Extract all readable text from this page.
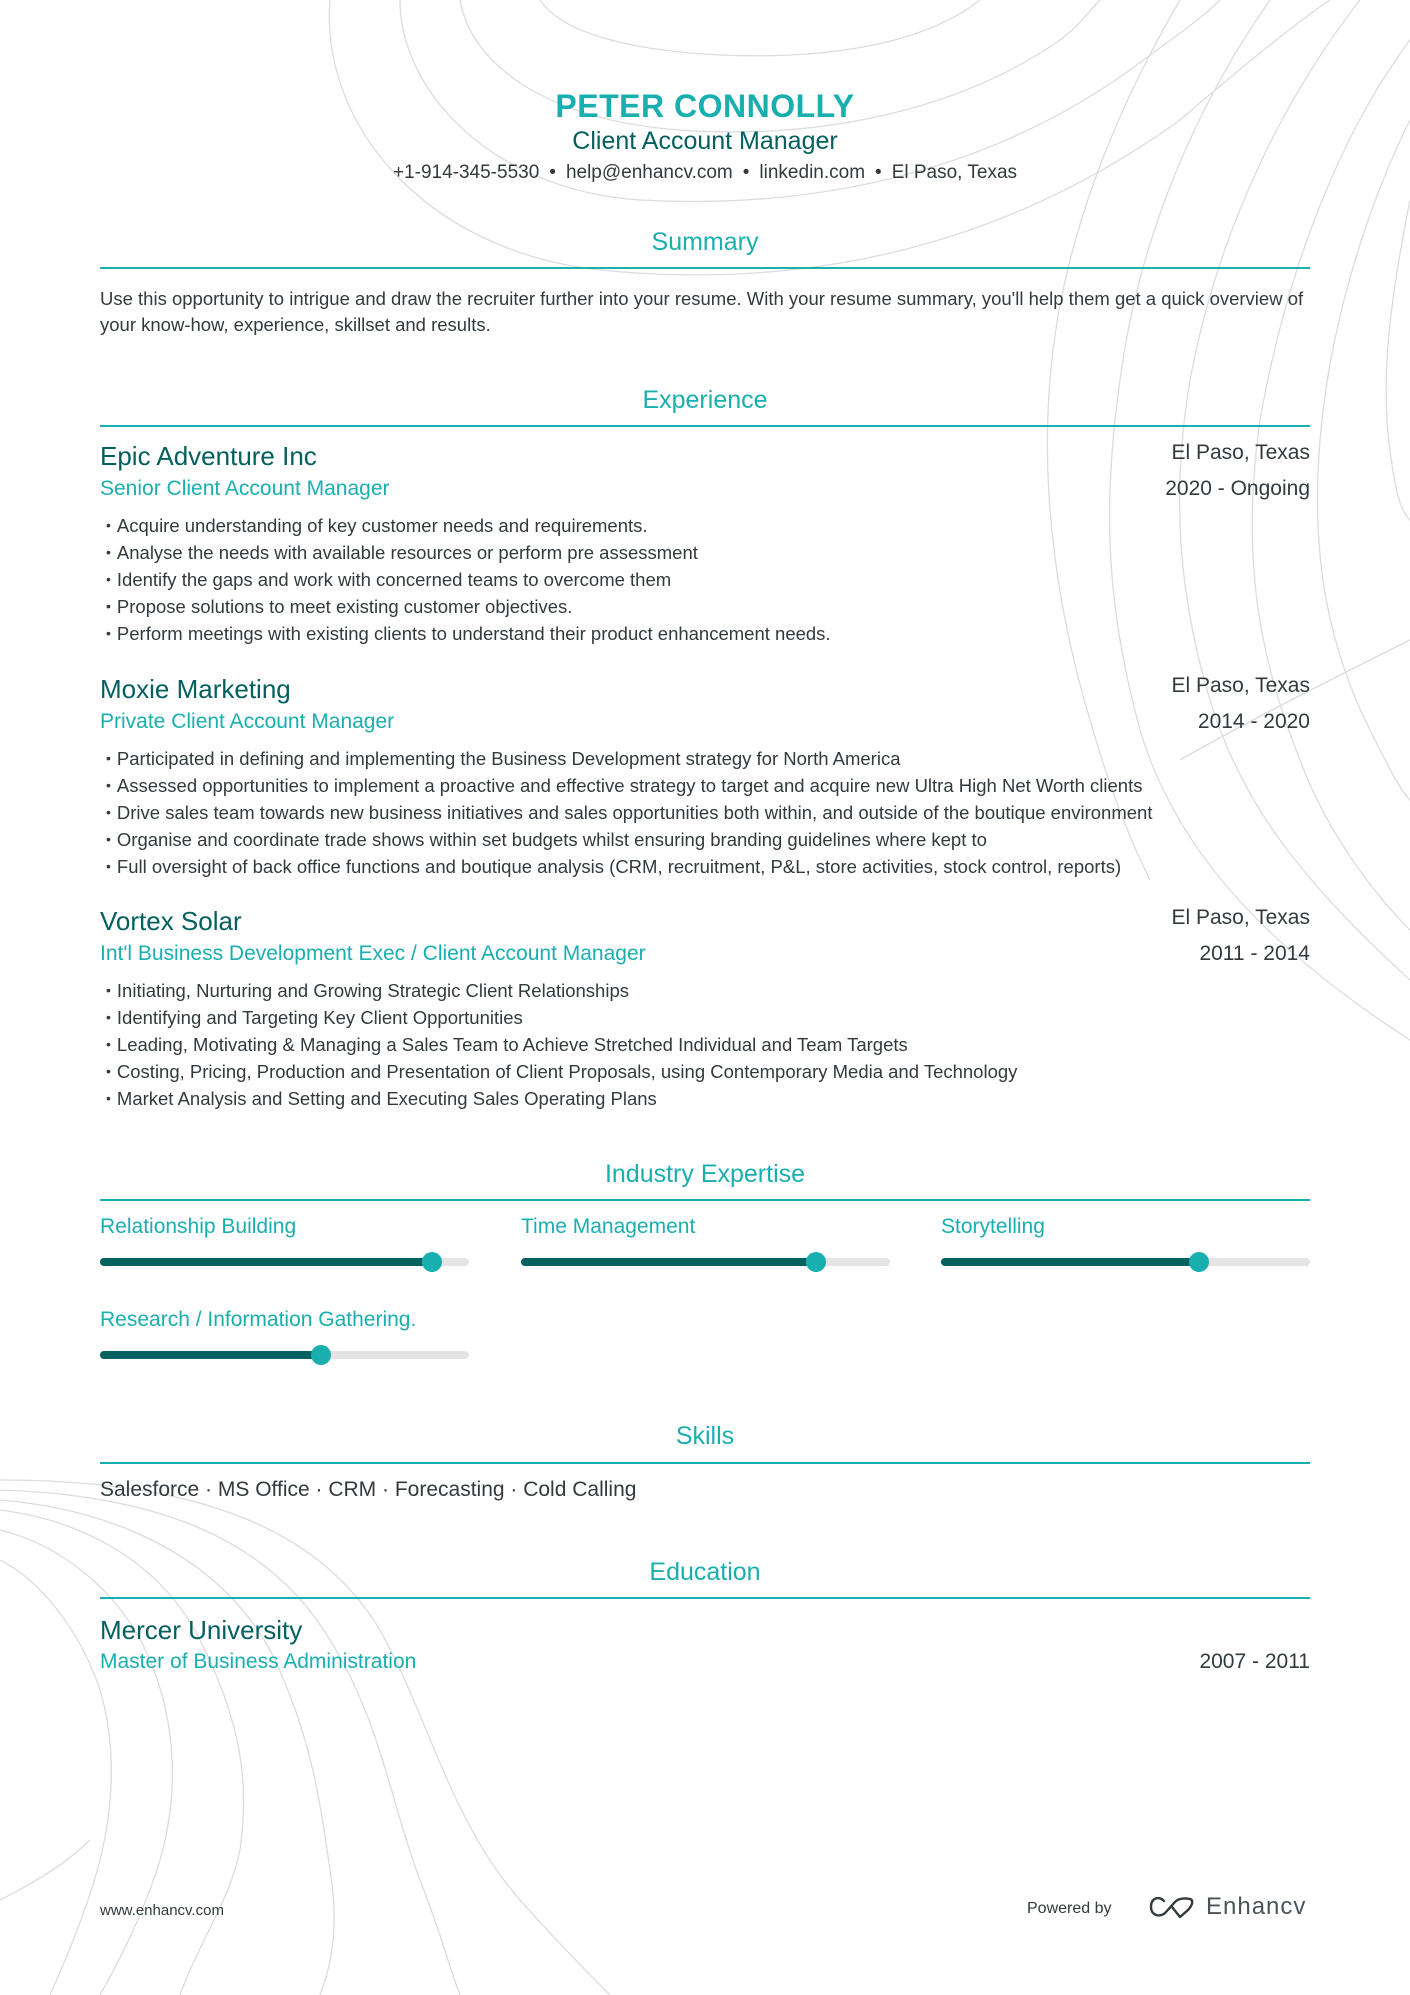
PETER CONNOLLY
Client Account Manager
+1-914-345-5530 • help@enhancv.com • linkedin.com • El Paso, Texas
Summary
Use this opportunity to intrigue and draw the recruiter further into your resume. With your resume summary, you'll help them get a quick overview of your know-how, experience, skillset and results.
Experience
Epic Adventure Inc	El Paso, Texas
Senior Client Account Manager	2020 - Ongoing
• Acquire understanding of key customer needs and requirements.
• Analyse the needs with available resources or perform pre assessment
• Identify the gaps and work with concerned teams to overcome them
• Propose solutions to meet existing customer objectives.
• Perform meetings with existing clients to understand their product enhancement needs.
Moxie Marketing	El Paso, Texas
Private Client Account Manager	2014 - 2020
• Participated in defining and implementing the Business Development strategy for North America
• Assessed opportunities to implement a proactive and effective strategy to target and acquire new Ultra High Net Worth clients
• Drive sales team towards new business initiatives and sales opportunities both within, and outside of the boutique environment
• Organise and coordinate trade shows within set budgets whilst ensuring branding guidelines where kept to
• Full oversight of back office functions and boutique analysis (CRM, recruitment, P&L, store activities, stock control, reports)
Vortex Solar	El Paso, Texas
Int'l Business Development Exec / Client Account Manager	2011 - 2014
• Initiating, Nurturing and Growing Strategic Client Relationships
• Identifying and Targeting Key Client Opportunities
• Leading, Motivating & Managing a Sales Team to Achieve Stretched Individual and Team Targets
• Costing, Pricing, Production and Presentation of Client Proposals, using Contemporary Media and Technology
• Market Analysis and Setting and Executing Sales Operating Plans
Industry Expertise
Relationship Building	Time Management	Storytelling
Research / Information Gathering.
Skills
Salesforce · MS Office · CRM · Forecasting · Cold Calling
Education
Mercer University
Master of Business Administration	2007 - 2011
www.enhancv.com	Powered by	Enhancv
